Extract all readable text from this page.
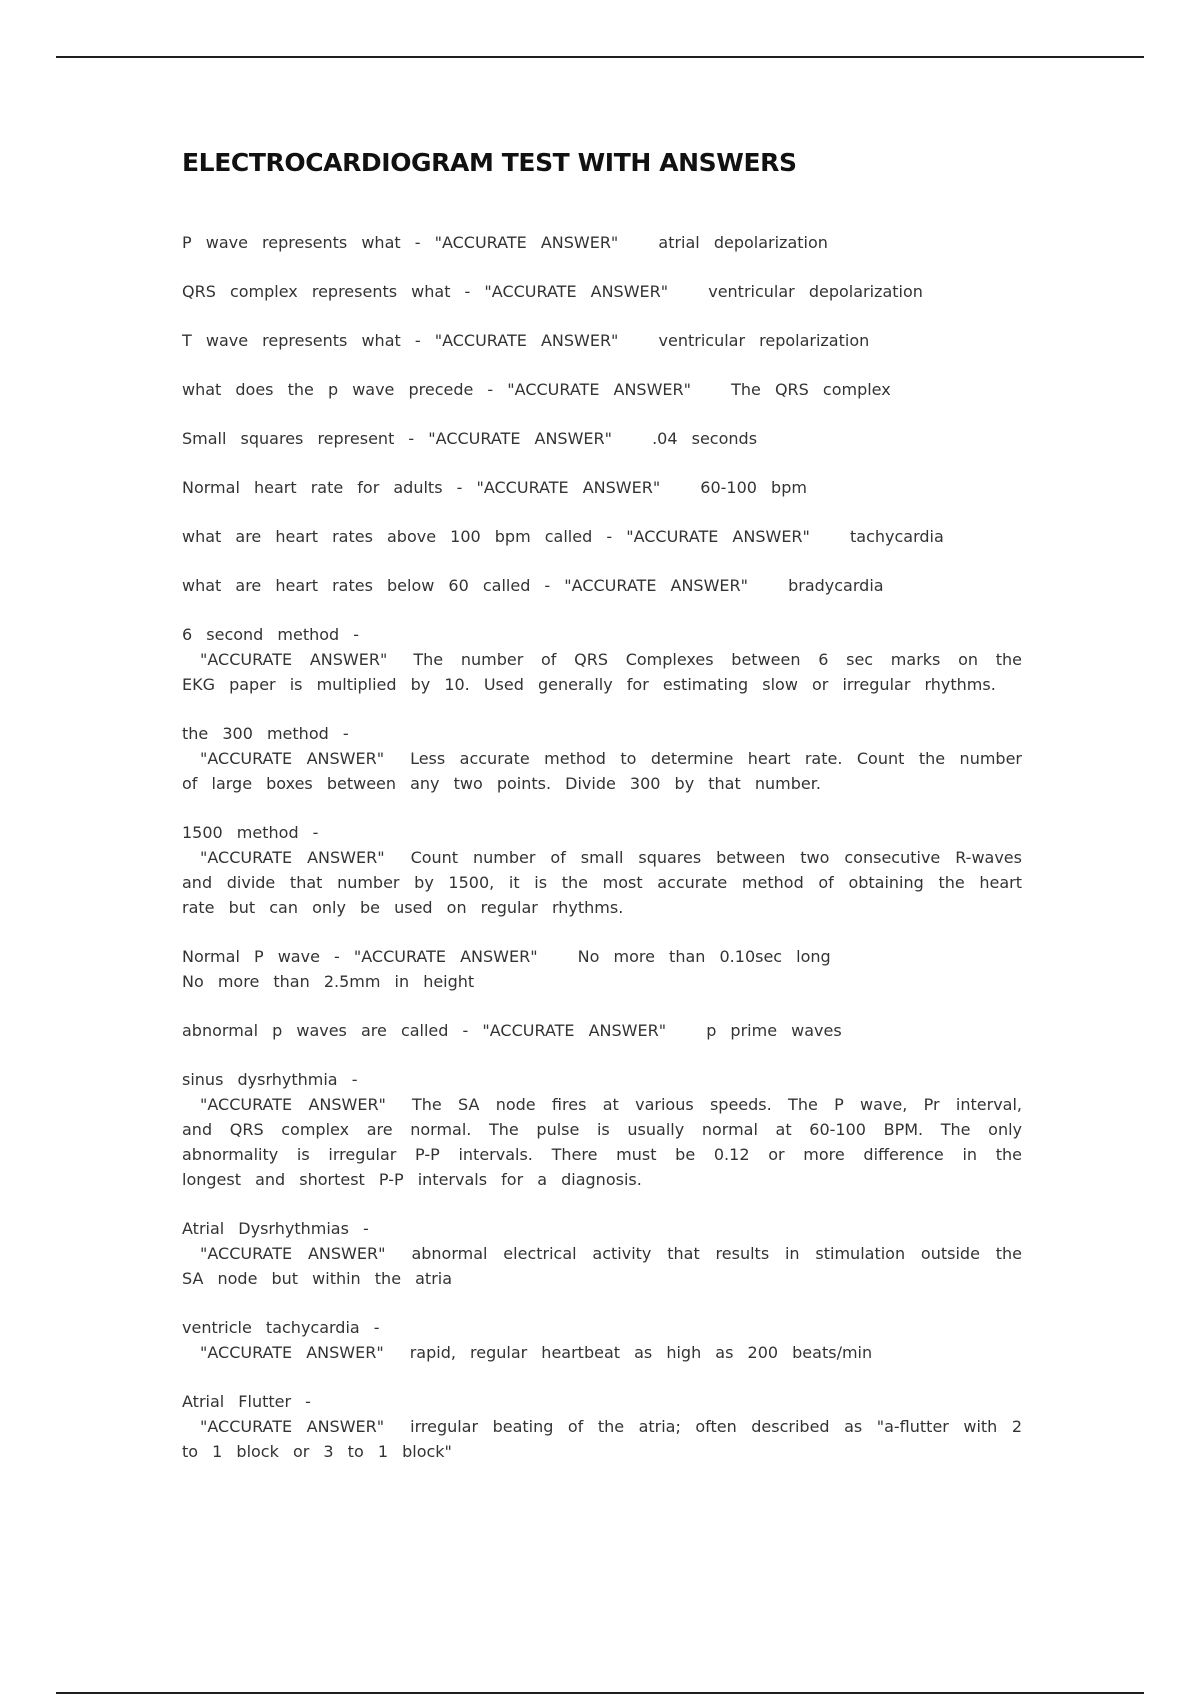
ELECTROCARDIOGRAM TEST WITH ANSWERS

P wave represents what - "ACCURATE ANSWER"	atrial depolarization

QRS complex represents what - "ACCURATE ANSWER"	ventricular depolarization

T wave represents what - "ACCURATE ANSWER"	ventricular repolarization

what does the p wave precede - "ACCURATE ANSWER"	The QRS complex

Small squares represent - "ACCURATE ANSWER"	.04 seconds

Normal heart rate for adults - "ACCURATE ANSWER"	60-100 bpm

what are heart rates above 100 bpm called - "ACCURATE ANSWER"	tachycardia

what are heart rates below 60 called - "ACCURATE ANSWER"	bradycardia

6 second method -
"ACCURATE ANSWER" The number of QRS Complexes between 6 sec marks on the EKG paper is multiplied by 10. Used generally for estimating slow or irregular rhythms.
the 300 method -
"ACCURATE ANSWER" Less accurate method to determine heart rate. Count the number of large boxes between any two points. Divide 300 by that number.
1500 method -
"ACCURATE ANSWER" Count number of small squares between two consecutive R-waves and divide that number by 1500, it is the most accurate method of obtaining the heart rate but can only be used on regular rhythms.
Normal P wave - "ACCURATE ANSWER"	No more than 0.10sec long
No more than 2.5mm in height

abnormal p waves are called - "ACCURATE ANSWER"	p prime waves

sinus dysrhythmia -
"ACCURATE ANSWER" The SA node fires at various speeds. The P wave, Pr interval, and QRS complex are normal. The pulse is usually normal at 60-100 BPM. The only abnormality is irregular P-P intervals. There must be 0.12 or more difference in the longest and shortest P-P intervals for a diagnosis.
Atrial Dysrhythmias -
"ACCURATE ANSWER" abnormal electrical activity that results in stimulation outside the SA node but within the atria
ventricle tachycardia -
"ACCURATE ANSWER" rapid, regular heartbeat as high as 200 beats/min
Atrial Flutter -
"ACCURATE ANSWER" irregular beating of the atria; often described as "a-flutter with 2 to 1 block or 3 to 1 block"
